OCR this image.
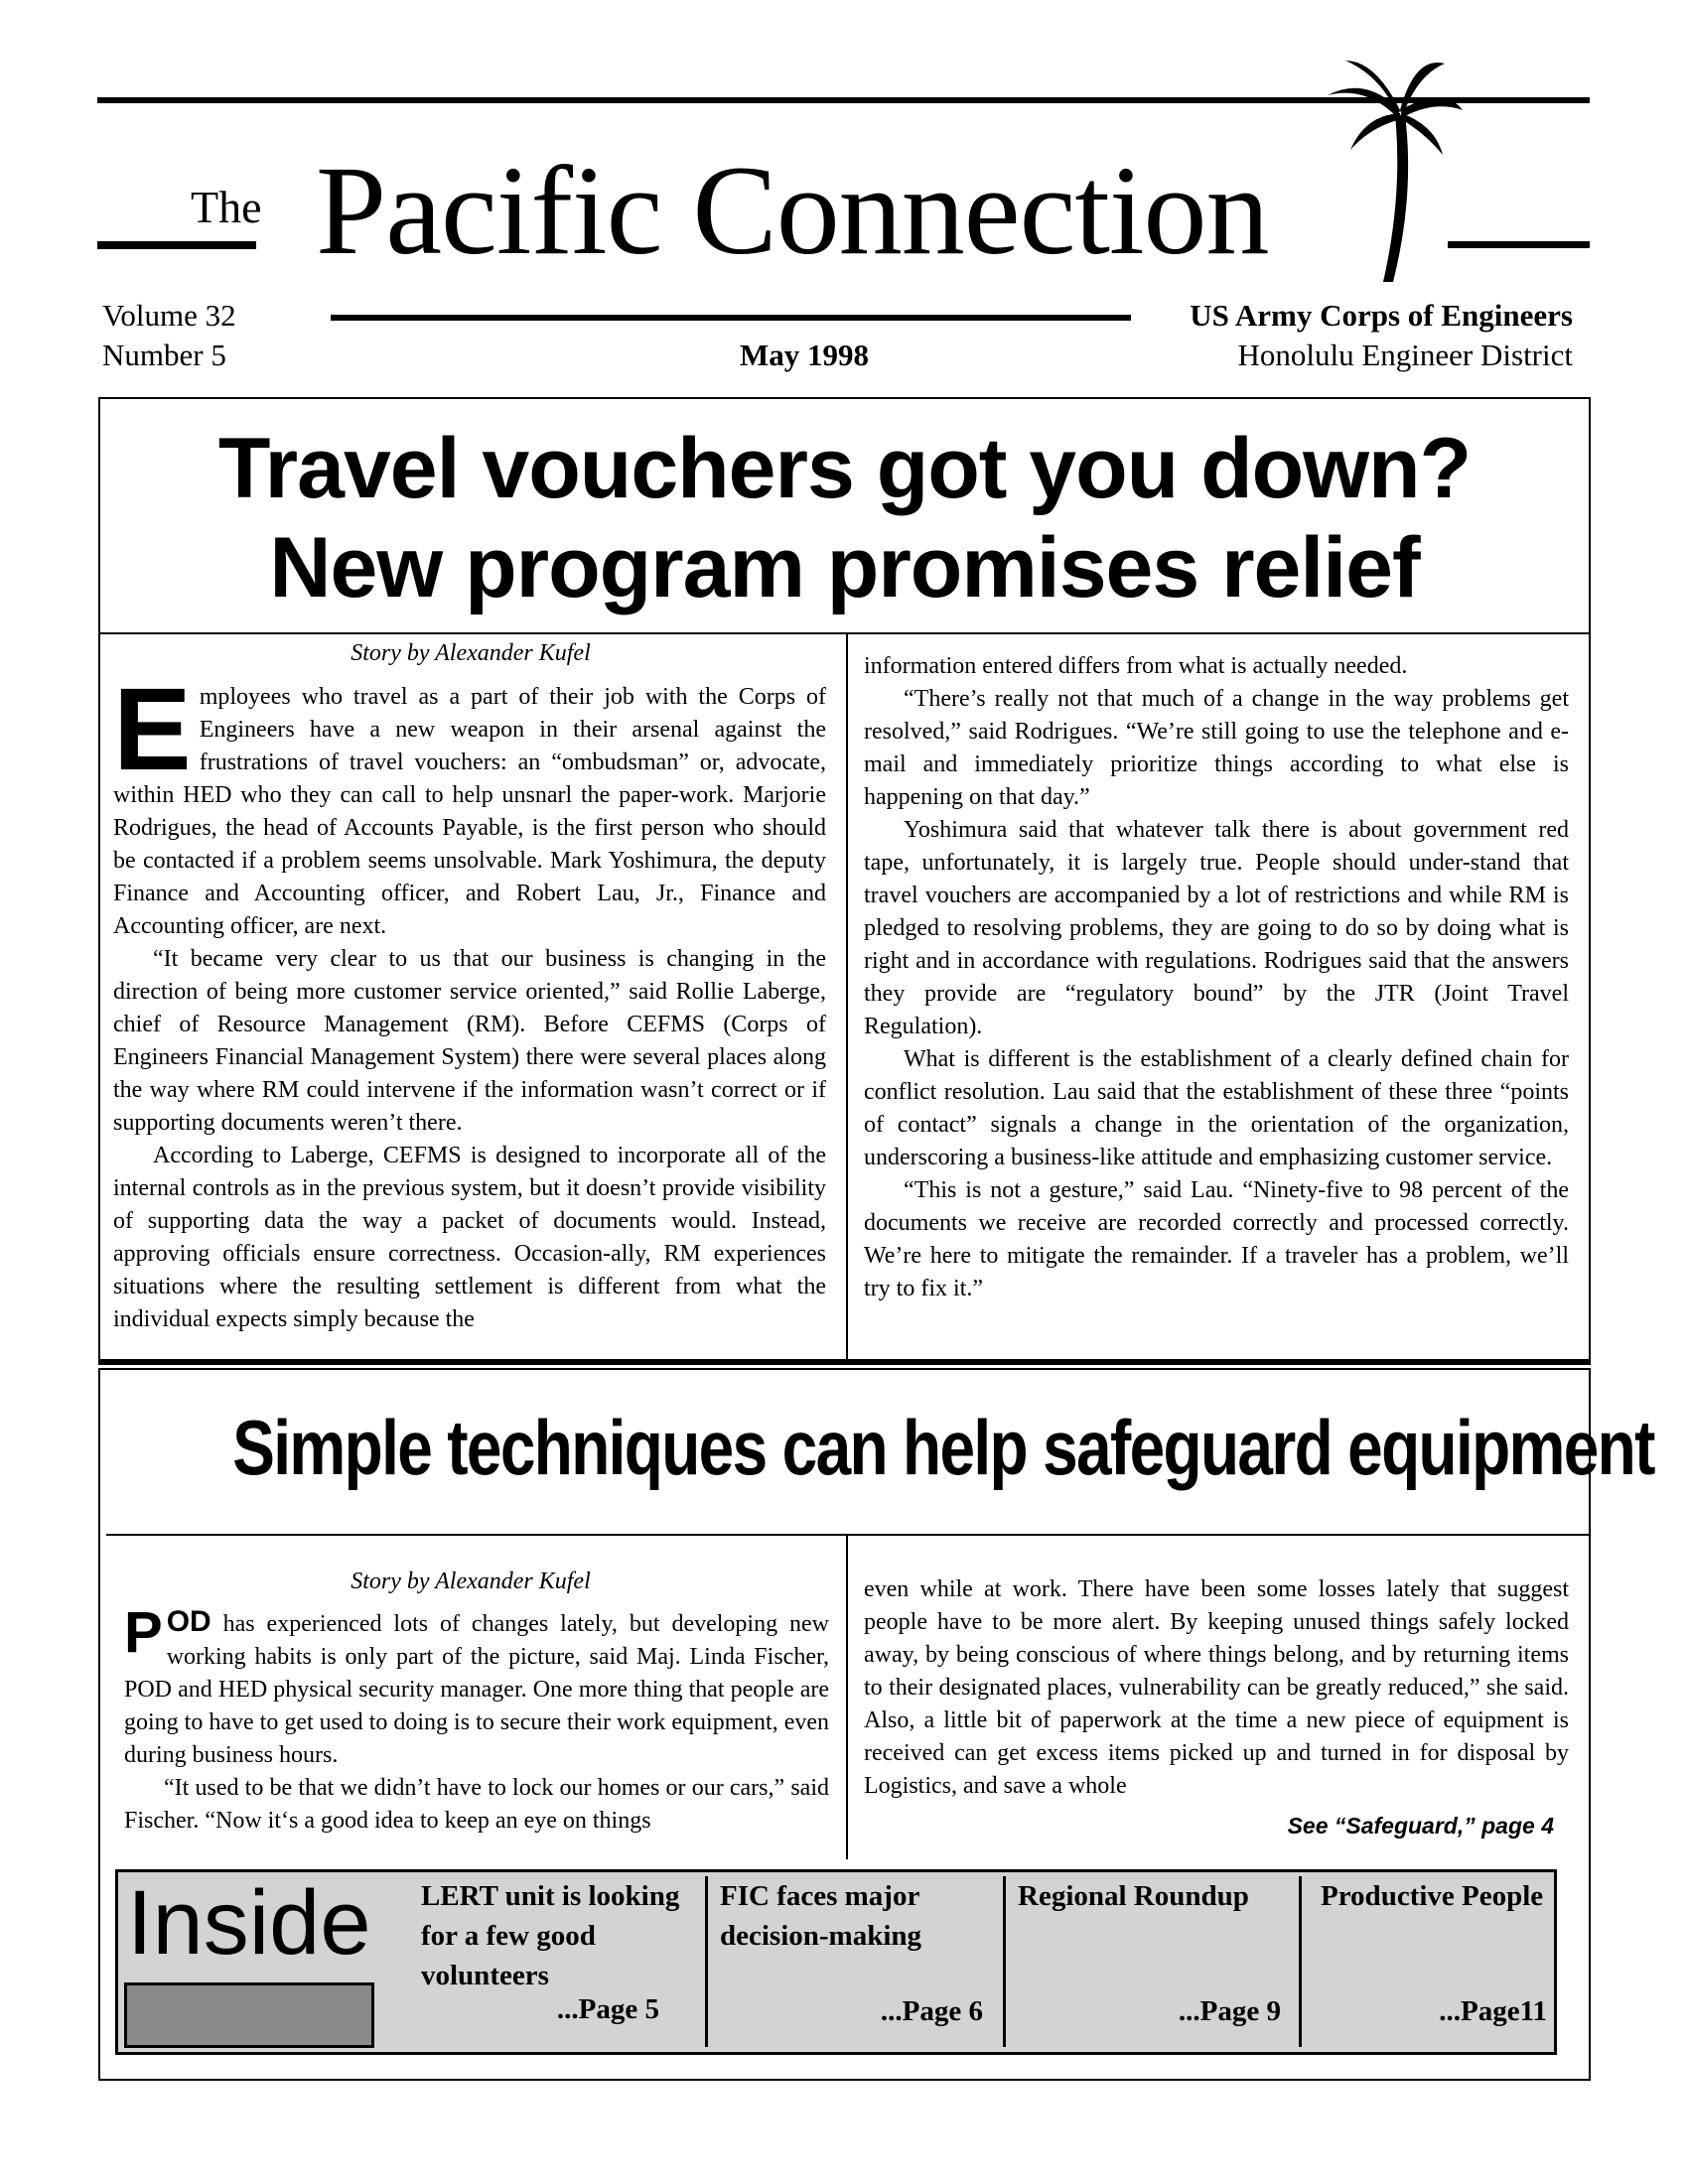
The Pacific Connection
Volume 32
Number 5	May 1998
US Army Corps of Engineers
Honolulu Engineer District
Travel vouchers got you down?
New program promises relief
Story by Alexander Kufel

Employees who travel as a part of their job with the Corps of Engineers have a new weapon in their arsenal against the frustrations of travel vouchers: an “ombudsman” or, advocate, within HED who they can call to help unsnarl the paper-work. Marjorie Rodrigues, the head of Accounts Payable, is the first person who should be contacted if a problem seems unsolvable. Mark Yoshimura, the deputy Finance and Accounting officer, and Robert Lau, Jr., Finance and Accounting officer, are next.

“It became very clear to us that our business is changing in the direction of being more customer service oriented,” said Rollie Laberge, chief of Resource Management (RM). Before CEFMS (Corps of Engineers Financial Management System) there were several places along the way where RM could intervene if the information wasn’t correct or if supporting documents weren’t there.

According to Laberge, CEFMS is designed to incorporate all of the internal controls as in the previous system, but it doesn’t provide visibility of supporting data the way a packet of documents would. Instead, approving officials ensure correctness. Occasion-ally, RM experiences situations where the resulting settlement is different from what the individual expects simply because the

information entered differs from what is actually needed.

“There’s really not that much of a change in the way problems get resolved,” said Rodrigues. “We’re still going to use the telephone and e-mail and immediately prioritize things according to what else is happening on that day.”

Yoshimura said that whatever talk there is about government red tape, unfortunately, it is largely true. People should under-stand that travel vouchers are accompanied by a lot of restrictions and while RM is pledged to resolving problems, they are going to do so by doing what is right and in accordance with regulations. Rodrigues said that the answers they provide are “regulatory bound” by the JTR (Joint Travel Regulation).

What is different is the establishment of a clearly defined chain for conflict resolution. Lau said that the establishment of these three “points of contact” signals a change in the orientation of the organization, underscoring a business-like attitude and emphasizing customer service.

“This is not a gesture,” said Lau. “Ninety-five to 98 percent of the documents we receive are recorded correctly and processed correctly. We’re here to mitigate the remainder. If a traveler has a problem, we’ll try to fix it.”

Simple techniques can help safeguard equipment
Story by Alexander Kufel

POD has experienced lots of changes lately, but developing new working habits is only part of the picture, said Maj. Linda Fischer, POD and HED physical security manager. One more thing that people are going to have to get used to doing is to secure their work equipment, even during business hours.

“It used to be that we didn’t have to lock our homes or our cars,” said Fischer. “Now it‘s a good idea to keep an eye on things

even while at work. There have been some losses lately that suggest people have to be more alert. By keeping unused things safely locked away, by being conscious of where things belong, and by returning items to their designated places, vulnerability can be greatly reduced,” she said. Also, a little bit of paperwork at the time a new piece of equipment is received can get excess items picked up and turned in for disposal by Logistics, and save a whole

See “Safeguard,” page 4
Inside LERT unit is looking for a few good volunteers
...Page 5
FIC faces major decision-making
...Page 6
Regional Roundup
...Page 9
Productive People
...Page11
